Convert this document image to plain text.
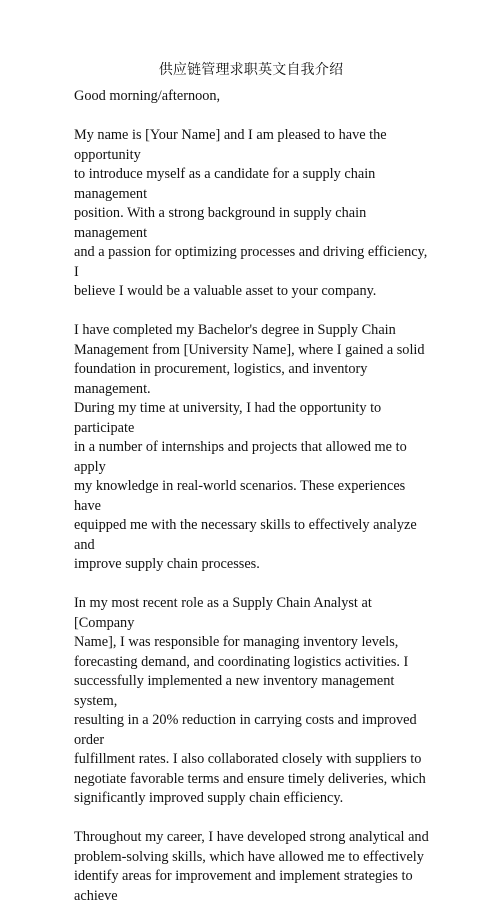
供应链管理求职英文自我介绍
Good morning/afternoon,
My name is [Your Name] and I am pleased to have the opportunity
to introduce myself as a candidate for a supply chain management
position. With a strong background in supply chain management
and a passion for optimizing processes and driving efficiency, I
believe I would be a valuable asset to your company.
I have completed my Bachelor's degree in Supply Chain
Management from [University Name], where I gained a solid
foundation in procurement, logistics, and inventory management.
During my time at university, I had the opportunity to participate
in a number of internships and projects that allowed me to apply
my knowledge in real-world scenarios. These experiences have
equipped me with the necessary skills to effectively analyze and
improve supply chain processes.
In my most recent role as a Supply Chain Analyst at [Company
Name], I was responsible for managing inventory levels,
forecasting demand, and coordinating logistics activities. I
successfully implemented a new inventory management system,
resulting in a 20% reduction in carrying costs and improved order
fulfillment rates. I also collaborated closely with suppliers to
negotiate favorable terms and ensure timely deliveries, which
significantly improved supply chain efficiency.
Throughout my career, I have developed strong analytical and
problem-solving skills, which have allowed me to effectively
identify areas for improvement and implement strategies to achieve
